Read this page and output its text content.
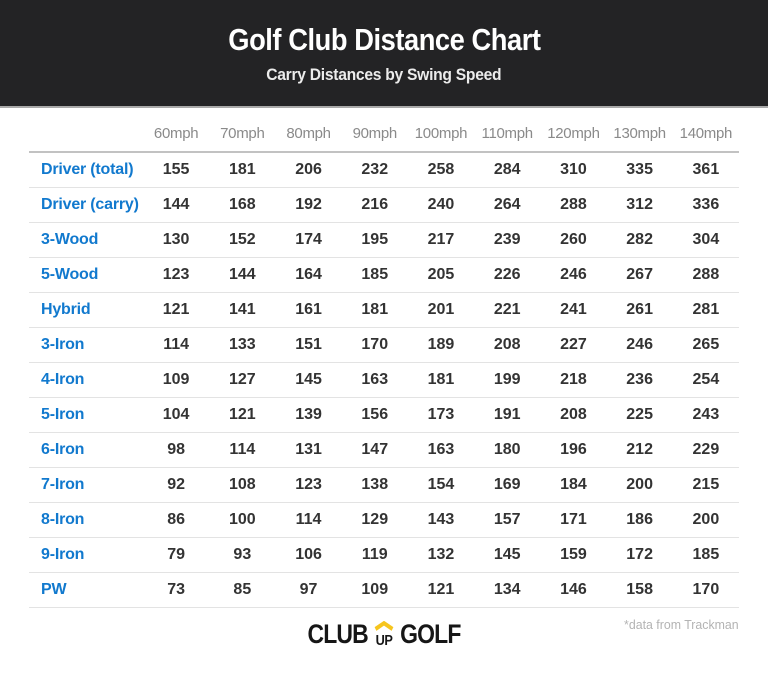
Golf Club Distance Chart
Carry Distances by Swing Speed
	60mph	70mph	80mph	90mph	100mph	110mph	120mph	130mph	140mph
Driver (total)	155	181	206	232	258	284	310	335	361
Driver (carry)	144	168	192	216	240	264	288	312	336
3-Wood	130	152	174	195	217	239	260	282	304
5-Wood	123	144	164	185	205	226	246	267	288
Hybrid	121	141	161	181	201	221	241	261	281
3-Iron	114	133	151	170	189	208	227	246	265
4-Iron	109	127	145	163	181	199	218	236	254
5-Iron	104	121	139	156	173	191	208	225	243
6-Iron	98	114	131	147	163	180	196	212	229
7-Iron	92	108	123	138	154	169	184	200	215
8-Iron	86	100	114	129	143	157	171	186	200
9-Iron	79	93	106	119	132	145	159	172	185
PW	73	85	97	109	121	134	146	158	170
CLUB UP GOLF	*data from Trackman
